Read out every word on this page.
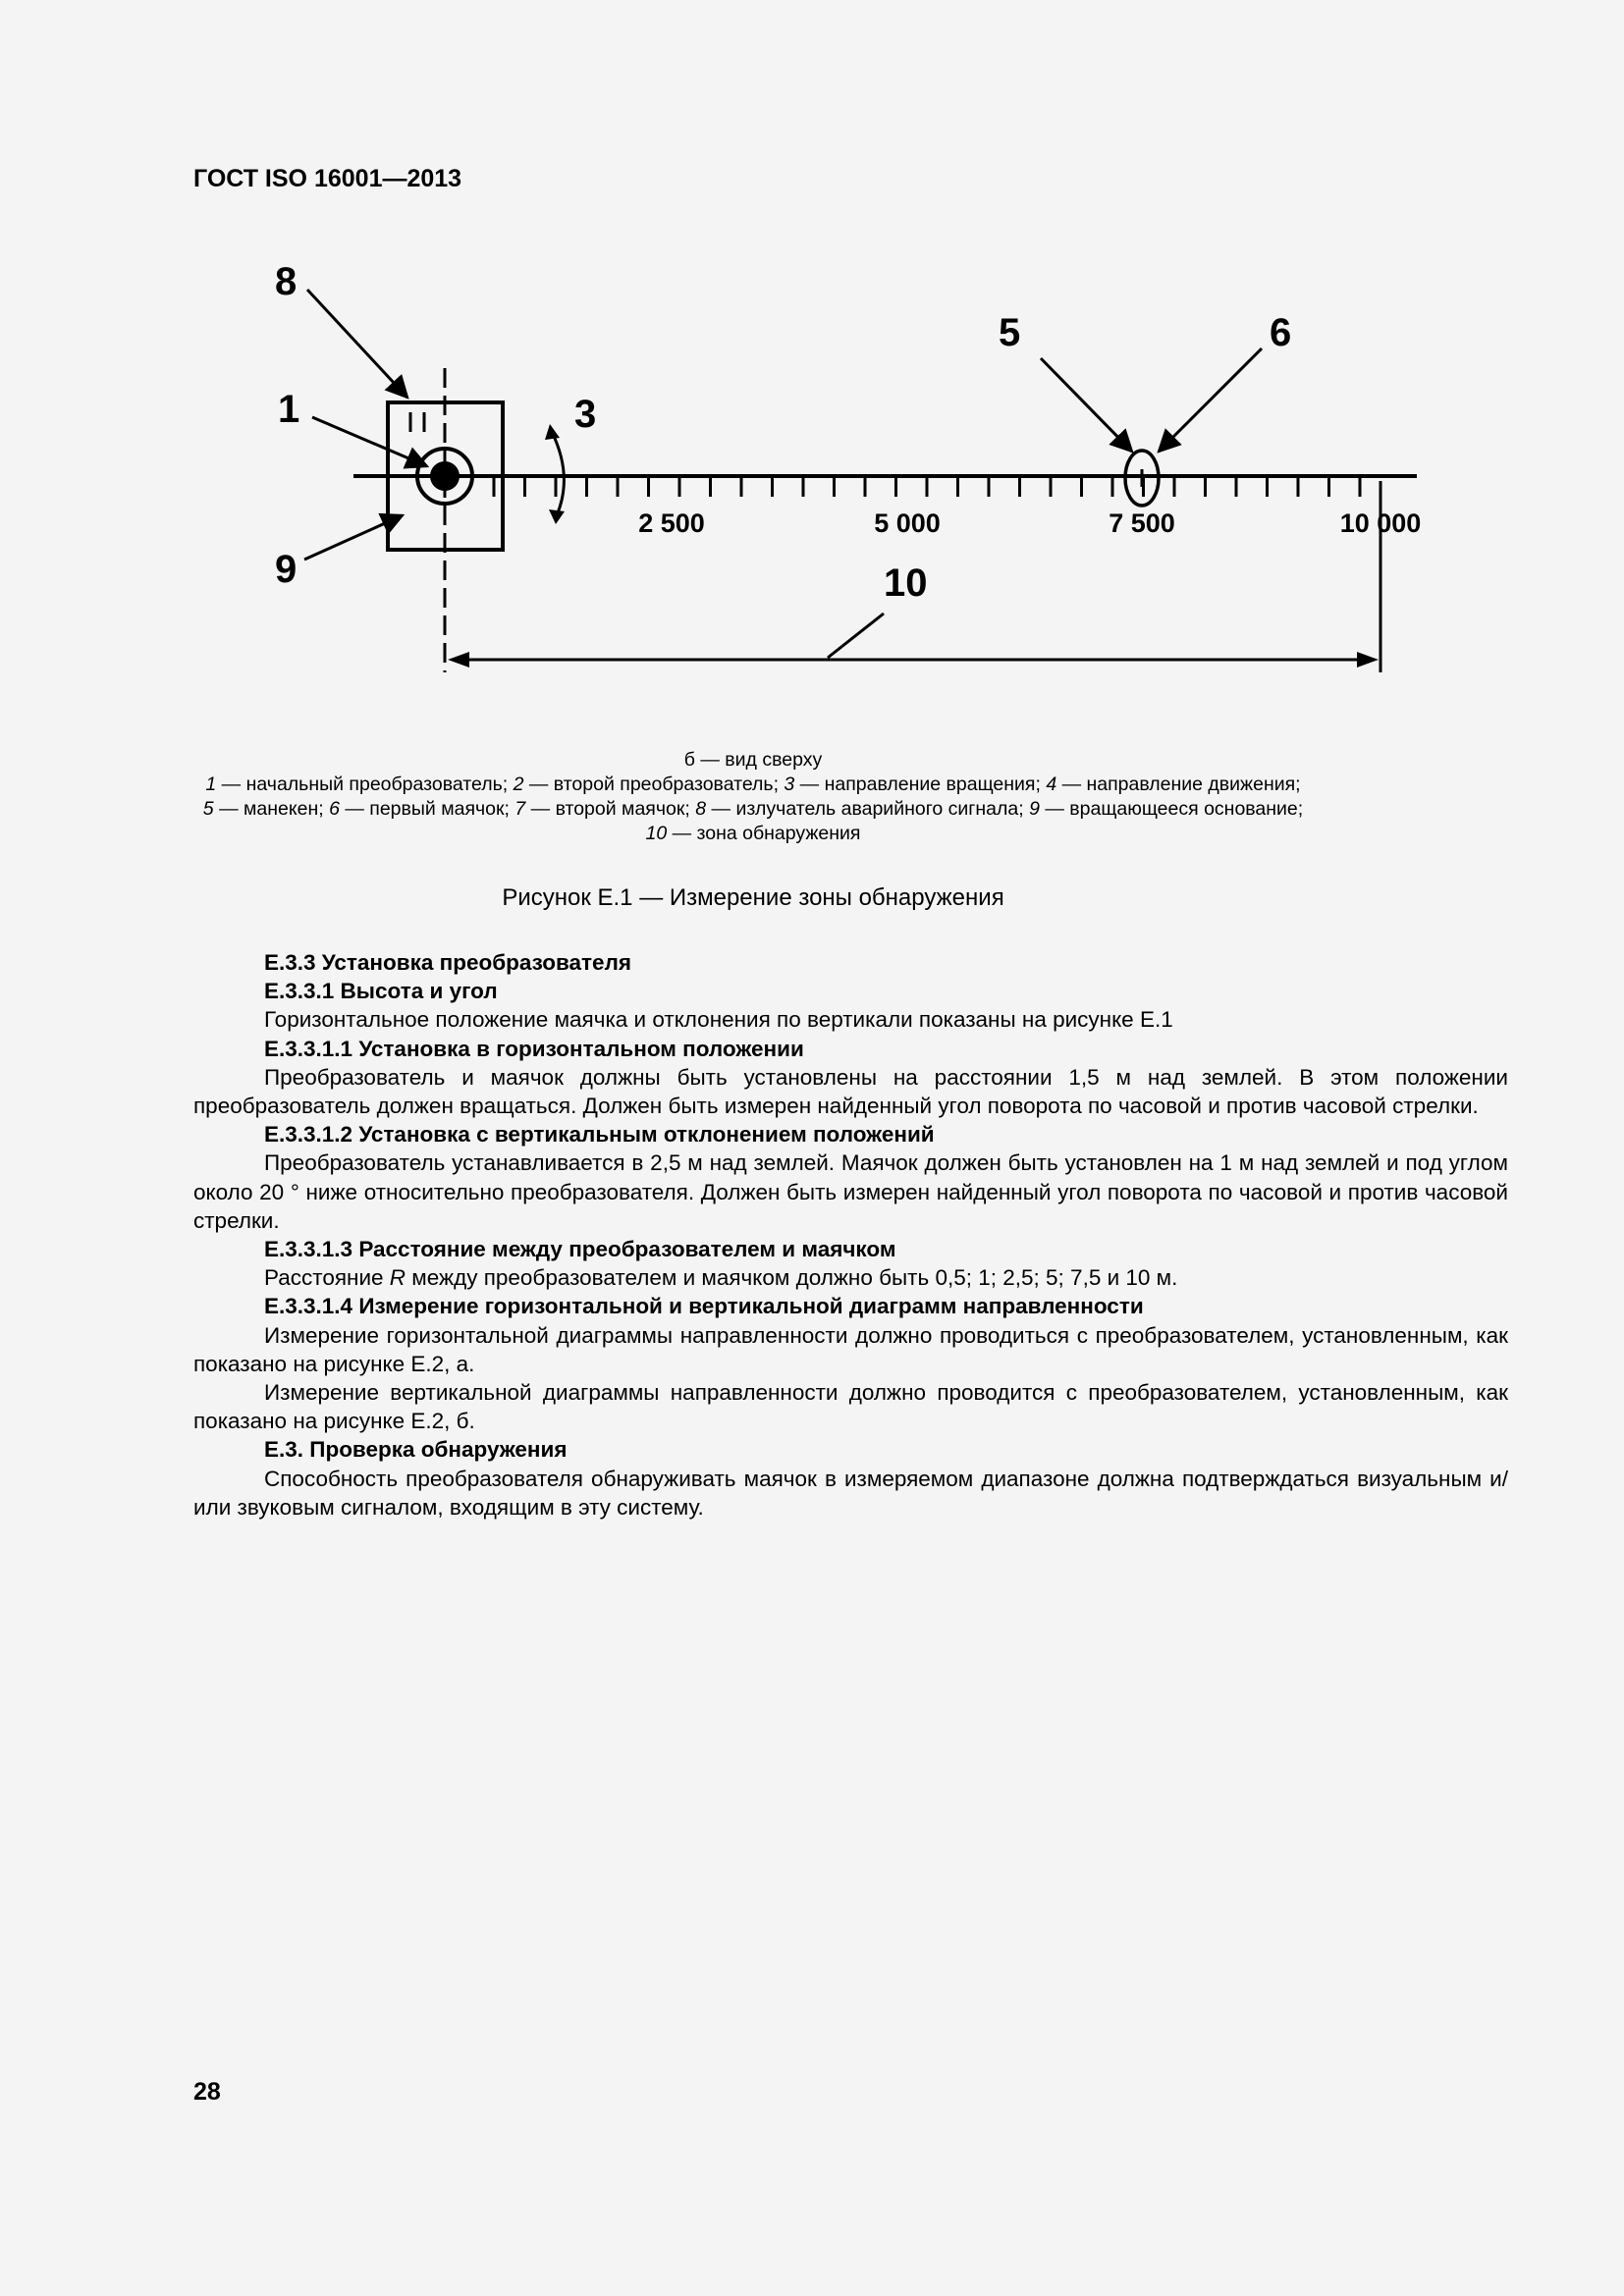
ГОСТ ISO 16001—2013
8
1
9
3
5	6
10
2 500	5 000	7 500	10 000
б — вид сверху
1 — начальный преобразователь; 2 — второй преобразователь; 3 — направление вращения; 4 — направление движения;
5 — манекен; 6 — первый маячок; 7 — второй маячок; 8 — излучатель аварийного сигнала; 9 — вращающееся основание;
10 — зона обнаружения
Рисунок Е.1 — Измерение зоны обнаружения

Е.3.3 Установка преобразователя

Е.3.3.1 Высота и угол

Горизонтальное положение маячка и отклонения по вертикали показаны на рисунке Е.1

Е.3.3.1.1 Установка в горизонтальном положении

Преобразователь и маячок должны быть установлены на расстоянии 1,5 м над землей. В этом положении преобразователь должен вращаться. Должен быть измерен найденный угол поворота по часовой и против часовой стрелки.

Е.3.3.1.2 Установка с вертикальным отклонением положений

Преобразователь устанавливается в 2,5 м над землей. Маячок должен быть установлен на 1 м над землей и под углом около 20 ° ниже относительно преобразователя. Должен быть измерен найденный угол поворота по часовой и против часовой стрелки.

Е.3.3.1.3 Расстояние между преобразователем и маячком

Расстояние R между преобразователем и маячком должно быть 0,5; 1; 2,5; 5; 7,5 и 10 м.

Е.3.3.1.4 Измерение горизонтальной и вертикальной диаграмм направленности

Измерение горизонтальной диаграммы направленности должно проводиться с преобразователем, установленным, как показано на рисунке Е.2, а.

Измерение вертикальной диаграммы направленности должно проводится с преобразователем, установленным, как показано на рисунке Е.2, б.

Е.3. Проверка обнаружения

Способность преобразователя обнаруживать маячок в измеряемом диапазоне должна подтверждаться визуальным и/или звуковым сигналом, входящим в эту систему.

28
